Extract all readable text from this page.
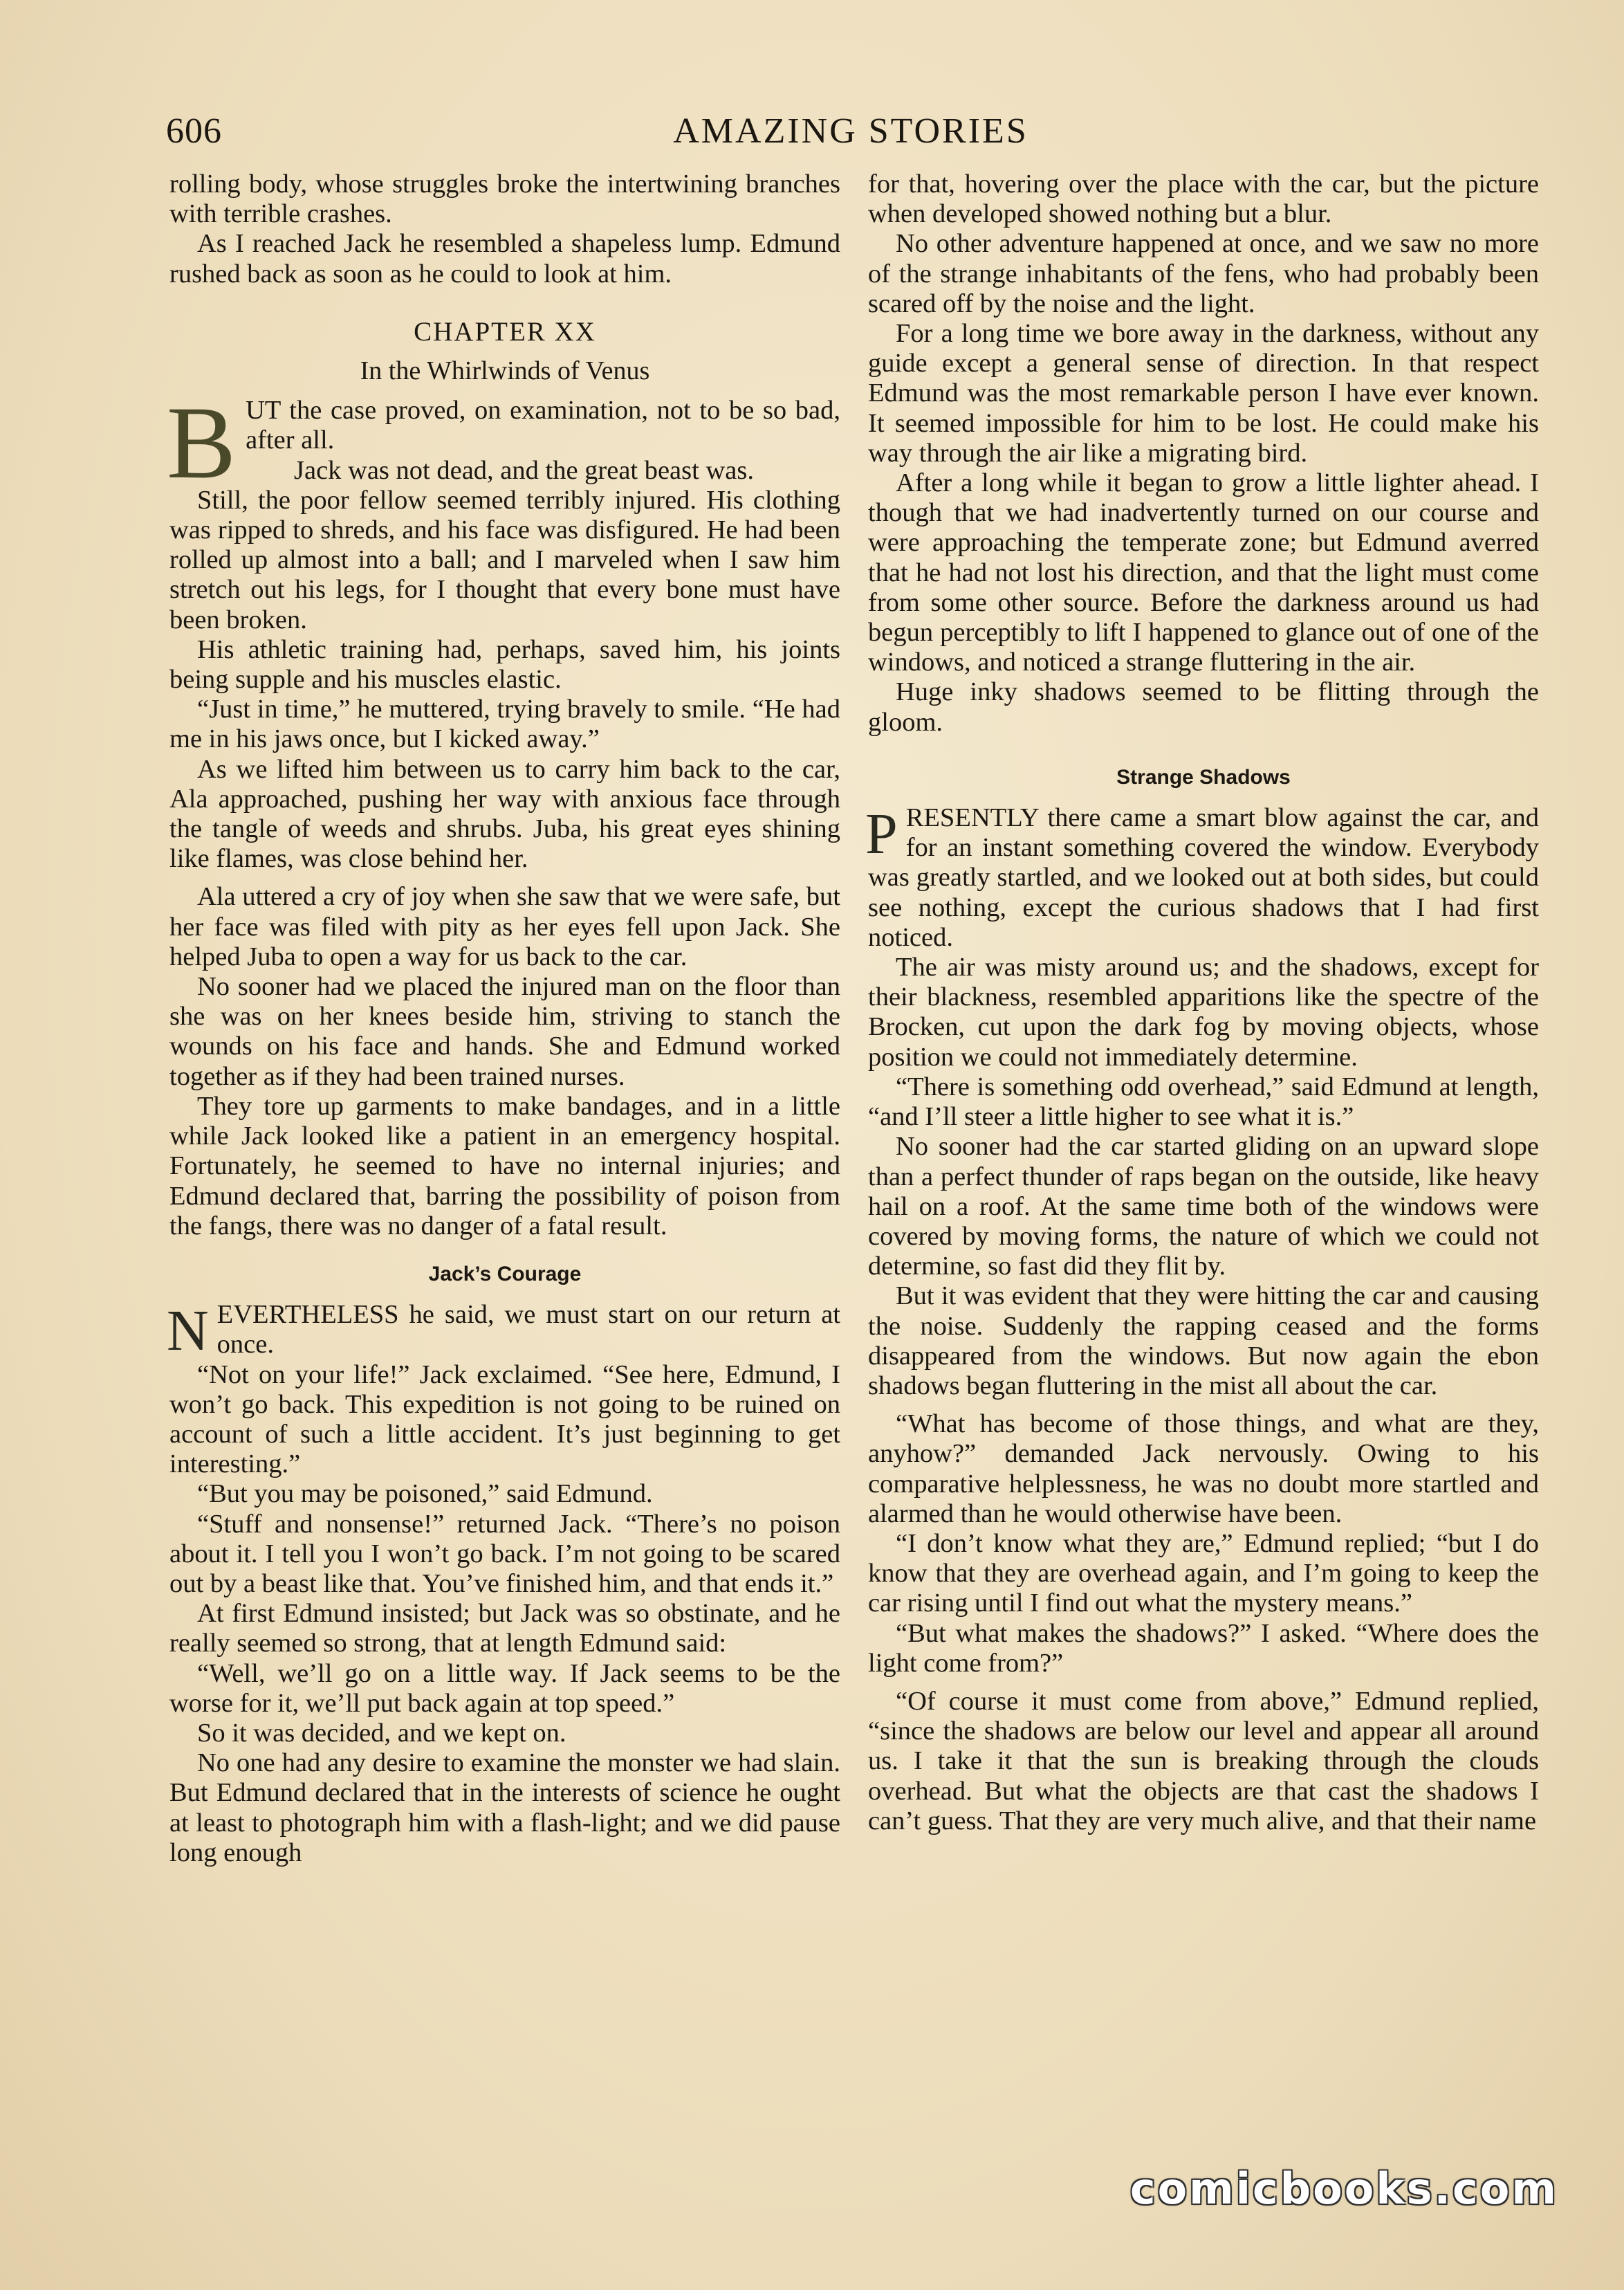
606	AMAZING STORIES

rolling body, whose struggles broke the intertwining branches with terrible crashes.

As I reached Jack he resembled a shapeless lump. Edmund rushed back as soon as he could to look at him.

CHAPTER XX
In the Whirlwinds of Venus

BUT the case proved, on examination, not to be so bad, after all.

Jack was not dead, and the great beast was.

Still, the poor fellow seemed terribly injured. His clothing was ripped to shreds, and his face was disfigured. He had been rolled up almost into a ball; and I marveled when I saw him stretch out his legs, for I thought that every bone must have been broken.

His athletic training had, perhaps, saved him, his joints being supple and his muscles elastic.

“Just in time,” he muttered, trying bravely to smile. “He had me in his jaws once, but I kicked away.”

As we lifted him between us to carry him back to the car, Ala approached, pushing her way with anxious face through the tangle of weeds and shrubs. Juba, his great eyes shining like flames, was close behind her.

Ala uttered a cry of joy when she saw that we were safe, but her face was filed with pity as her eyes fell upon Jack. She helped Juba to open a way for us back to the car.

No sooner had we placed the injured man on the floor than she was on her knees beside him, striving to stanch the wounds on his face and hands. She and Edmund worked together as if they had been trained nurses.

They tore up garments to make bandages, and in a little while Jack looked like a patient in an emergency hospital. Fortunately, he seemed to have no internal injuries; and Edmund declared that, barring the possibility of poison from the fangs, there was no danger of a fatal result.

Jack’s Courage

NEVERTHELESS he said, we must start on our return at once.

“Not on your life!” Jack exclaimed. “See here, Edmund, I won’t go back. This expedition is not going to be ruined on account of such a little accident. It’s just beginning to get interesting.”

“But you may be poisoned,” said Edmund.

“Stuff and nonsense!” returned Jack. “There’s no poison about it. I tell you I won’t go back. I’m not going to be scared out by a beast like that. You’ve finished him, and that ends it.”

At first Edmund insisted; but Jack was so obstinate, and he really seemed so strong, that at length Edmund said:

“Well, we’ll go on a little way. If Jack seems to be the worse for it, we’ll put back again at top speed.”

So it was decided, and we kept on.

No one had any desire to examine the monster we had slain. But Edmund declared that in the interests of science he ought at least to photograph him with a flash-light; and we did pause long enough

for that, hovering over the place with the car, but the picture when developed showed nothing but a blur.

No other adventure happened at once, and we saw no more of the strange inhabitants of the fens, who had probably been scared off by the noise and the light.

For a long time we bore away in the darkness, without any guide except a general sense of direction. In that respect Edmund was the most remarkable person I have ever known. It seemed impossible for him to be lost. He could make his way through the air like a migrating bird.

After a long while it began to grow a little lighter ahead. I though that we had inadvertently turned on our course and were approaching the temperate zone; but Edmund averred that he had not lost his direction, and that the light must come from some other source. Before the darkness around us had begun perceptibly to lift I happened to glance out of one of the windows, and noticed a strange fluttering in the air.

Huge inky shadows seemed to be flitting through the gloom.

Strange Shadows

PRESENTLY there came a smart blow against the car, and for an instant something covered the window. Everybody was greatly startled, and we looked out at both sides, but could see nothing, except the curious shadows that I had first noticed.

The air was misty around us; and the shadows, except for their blackness, resembled apparitions like the spectre of the Brocken, cut upon the dark fog by moving objects, whose position we could not immediately determine.

“There is something odd overhead,” said Edmund at length, “and I’ll steer a little higher to see what it is.”

No sooner had the car started gliding on an upward slope than a perfect thunder of raps began on the outside, like heavy hail on a roof. At the same time both of the windows were covered by moving forms, the nature of which we could not determine, so fast did they flit by.

But it was evident that they were hitting the car and causing the noise. Suddenly the rapping ceased and the forms disappeared from the windows. But now again the ebon shadows began fluttering in the mist all about the car.

“What has become of those things, and what are they, anyhow?” demanded Jack nervously. Owing to his comparative helplessness, he was no doubt more startled and alarmed than he would otherwise have been.

“I don’t know what they are,” Edmund replied; “but I do know that they are overhead again, and I’m going to keep the car rising until I find out what the mystery means.”

“But what makes the shadows?” I asked. “Where does the light come from?”

“Of course it must come from above,” Edmund replied, “since the shadows are below our level and appear all around us. I take it that the sun is breaking through the clouds overhead. But what the objects are that cast the shadows I can’t guess. That they are very much alive, and that their name

comicbooks.com
